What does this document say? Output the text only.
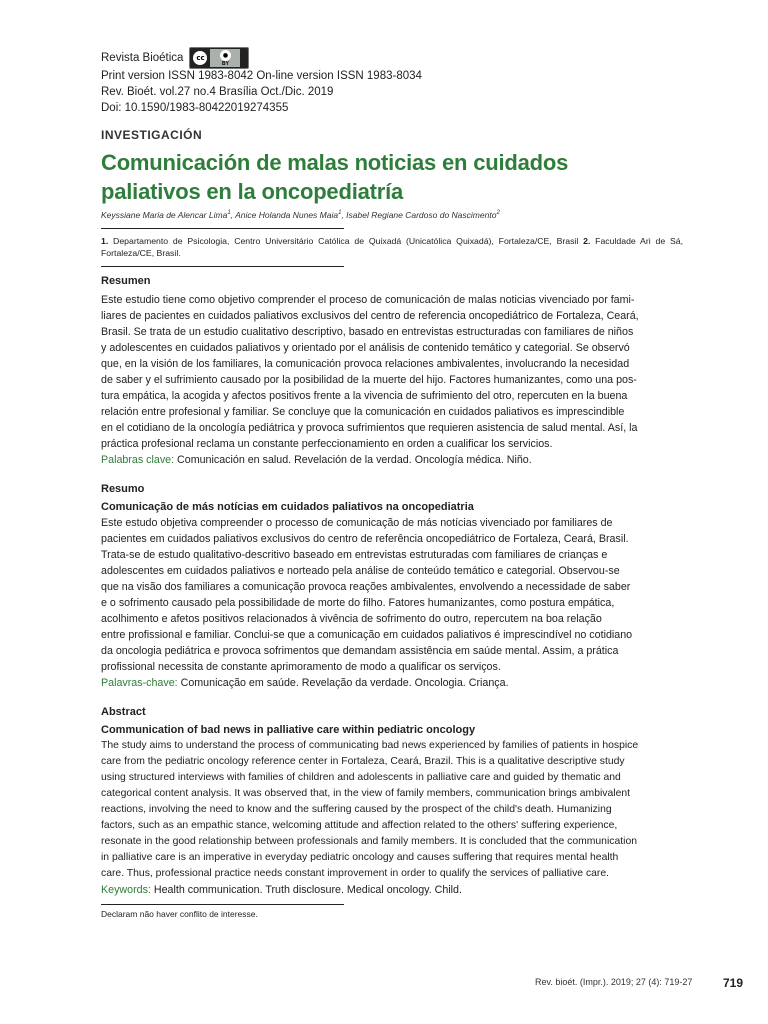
Revista Bioética	cc	●
BY
Print version ISSN 1983-8042 On-line version ISSN 1983-8034
Rev. Bioét. vol.27 no.4 Brasília Oct./Dic. 2019
Doi: 10.1590/1983-80422019274355
INVESTIGACIÓN
Comunicación de malas noticias en cuidados
paliativos en la oncopediatría
Keyssiane Maria de Alencar Lima$^1$, Anice Holanda Nunes Maia$^1$, Isabel Regiane Cardoso do Nascimento$^2$
1. Departamento de Psicologia, Centro Universitário Católica de Quixadá (Unicatólica Quixadá), Fortaleza/CE, Brasil 2. Faculdade Ari de Sá, Fortaleza/CE, Brasil.
Resumen
Este estudio tiene como objetivo comprender el proceso de comunicación de malas noticias vivenciado por fami-
liares de pacientes en cuidados paliativos exclusivos del centro de referencia oncopediátrico de Fortaleza, Ceará,
Brasil. Se trata de un estudio cualitativo descriptivo, basado en entrevistas estructuradas con familiares de niños
y adolescentes en cuidados paliativos y orientado por el análisis de contenido temático y categorial. Se observó
que, en la visión de los familiares, la comunicación provoca relaciones ambivalentes, involucrando la necesidad
de saber y el sufrimiento causado por la posibilidad de la muerte del hijo. Factores humanizantes, como una pos-
tura empática, la acogida y afectos positivos frente a la vivencia de sufrimiento del otro, repercuten en la buena
relación entre profesional y familiar. Se concluye que la comunicación en cuidados paliativos es imprescindible
en el cotidiano de la oncología pediátrica y provoca sufrimientos que requieren asistencia de salud mental. Así, la
práctica profesional reclama un constante perfeccionamiento en orden a cualificar los servicios.
Palabras clave: Comunicación en salud. Revelación de la verdad. Oncología médica. Niño.
Resumo
Comunicação de más notícias em cuidados paliativos na oncopediatria
Este estudo objetiva compreender o processo de comunicação de más notícias vivenciado por familiares de
pacientes em cuidados paliativos exclusivos do centro de referência oncopediátrico de Fortaleza, Ceará, Brasil.
Trata-se de estudo qualitativo-descritivo baseado em entrevistas estruturadas com familiares de crianças e
adolescentes em cuidados paliativos e norteado pela análise de conteúdo temático e categorial. Observou-se
que na visão dos familiares a comunicação provoca reações ambivalentes, envolvendo a necessidade de saber
e o sofrimento causado pela possibilidade de morte do filho. Fatores humanizantes, como postura empática,
acolhimento e afetos positivos relacionados à vivência de sofrimento do outro, repercutem na boa relação
entre profissional e familiar. Conclui-se que a comunicação em cuidados paliativos é imprescindível no cotidiano
da oncologia pediátrica e provoca sofrimentos que demandam assistência em saúde mental. Assim, a prática
profissional necessita de constante aprimoramento de modo a qualificar os serviços.
Palavras-chave: Comunicação em saúde. Revelação da verdade. Oncologia. Criança.
Abstract
Communication of bad news in palliative care within pediatric oncology
The study aims to understand the process of communicating bad news experienced by families of patients in hospice
care from the pediatric oncology reference center in Fortaleza, Ceará, Brazil. This is a qualitative descriptive study
using structured interviews with families of children and adolescents in palliative care and guided by thematic and
categorical content analysis. It was observed that, in the view of family members, communication brings ambivalent
reactions, involving the need to know and the suffering caused by the prospect of the child's death. Humanizing
factors, such as an empathic stance, welcoming attitude and affection related to the others' suffering experience,
resonate in the good relationship between professionals and family members. It is concluded that the communication
in palliative care is an imperative in everyday pediatric oncology and causes suffering that requires mental health
care. Thus, professional practice needs constant improvement in order to qualify the services of palliative care.
Keywords: Health communication. Truth disclosure. Medical oncology. Child.
Declaram não haver conflito de interesse.
Rev. bioét. (Impr.). 2019; 27 (4): 719-27	719
